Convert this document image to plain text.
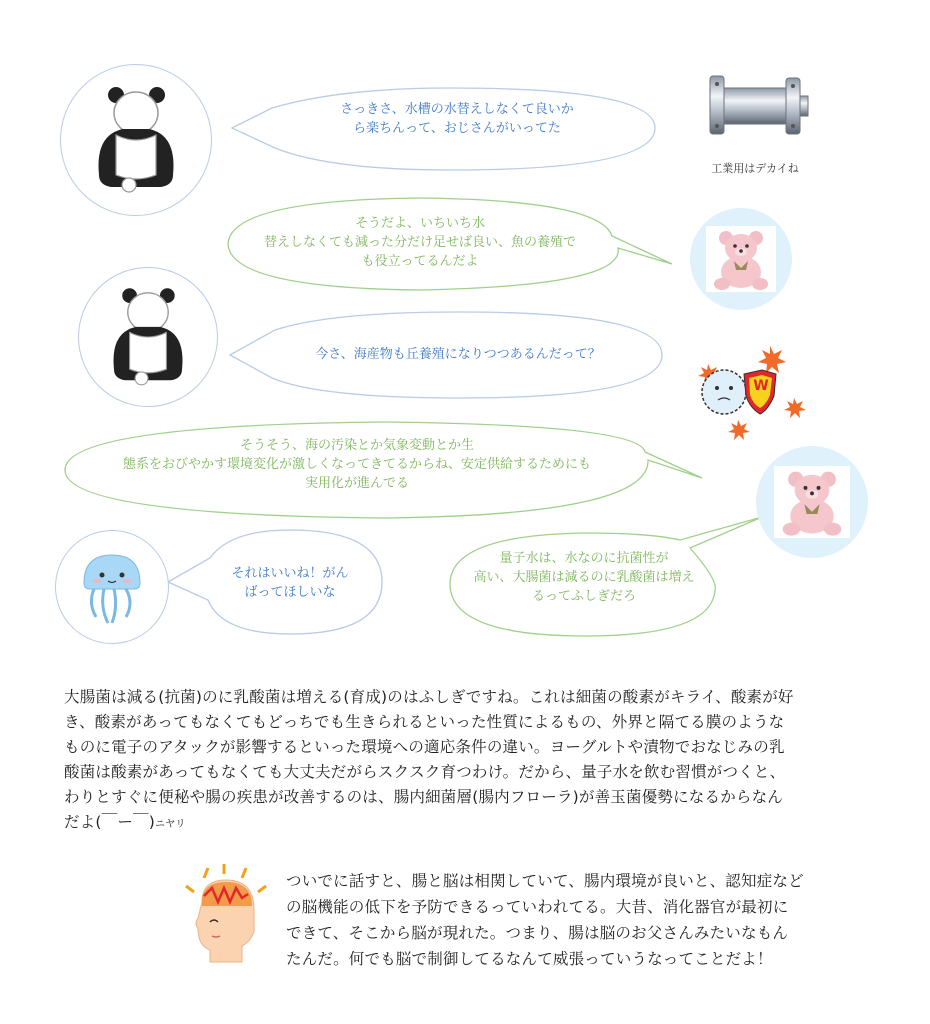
さっきさ、水槽の水替えしなくて良いか
ら楽ちんって、おじさんがいってた
そうだよ、いちいち水
替えしなくても減った分だけ足せば良い、魚の養殖で
も役立ってるんだよ
今さ、海産物も丘養殖になりつつあるんだって？
そうそう、海の汚染とか気象変動とか生
態系をおびやかす環境変化が激しくなってきてるからね、安定供給するためにも
実用化が進んでる
それはいいね！がん
ばってほしいな
量子水は、水なのに抗菌性が
高い、大腸菌は減るのに乳酸菌は増え
るってふしぎだろ
工業用はデカイね
W
大腸菌は減る(抗菌)のに乳酸菌は増える(育成)のはふしぎですね。これは細菌の酸素がキライ、酸素が好
き、酸素があってもなくてもどっちでも生きられるといった性質によるもの、外界と隔てる膜のような
ものに電子のアタックが影響するといった環境への適応条件の違い。ヨーグルトや漬物でおなじみの乳
酸菌は酸素があってもなくても大丈夫だがらスクスク育つわけ。だから、量子水を飲む習慣がつくと、
わりとすぐに便秘や腸の疾患が改善するのは、腸内細菌層(腸内フローラ)が善玉菌優勢になるからなん
だよ(￣ー￣)ニヤリ
ついでに話すと、腸と脳は相関していて、腸内環境が良いと、認知症など
の脳機能の低下を予防できるっていわれてる。大昔、消化器官が最初に
できて、そこから脳が現れた。つまり、腸は脳のお父さんみたいなもん
たんだ。何でも脳で制御してるなんて威張っていうなってことだよ！
